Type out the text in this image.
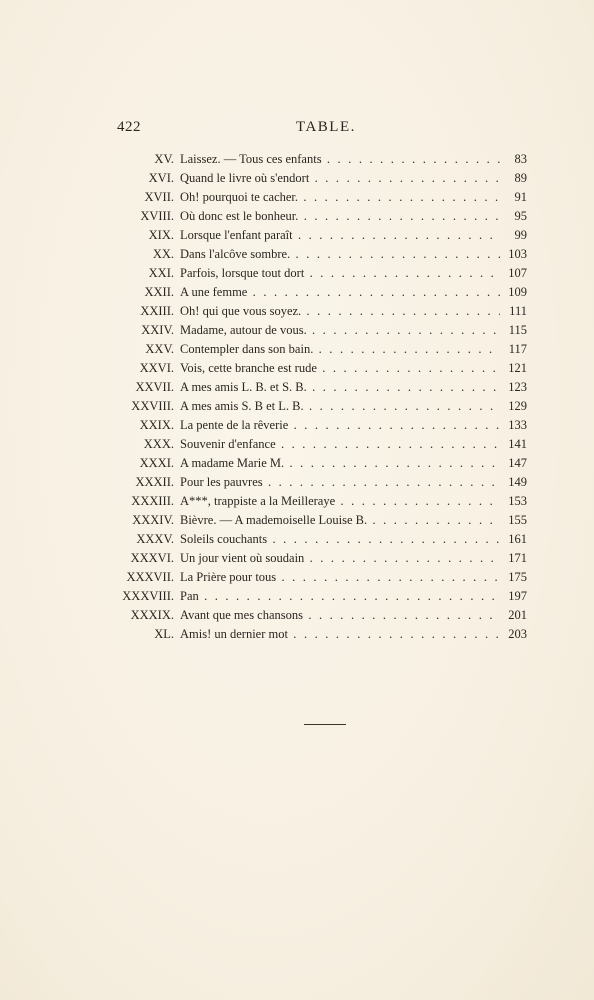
422	TABLE.
XV. Laissez. — Tous ces enfants . . .	83
XVI. Quand le livre où s'endort . . .	89
XVII. Oh! pourquoi te cacher. . . .	91
XVIII. Où donc est le bonheur. . . .	95
XIX. Lorsque l'enfant paraît . . .	99
XX. Dans l'alcôve sombre. . . .	103
XXI. Parfois, lorsque tout dort . . .	107
XXII. A une femme . . .	109
XXIII. Oh! qui que vous soyez. . . .	111
XXIV. Madame, autour de vous. . . .	115
XXV. Contempler dans son bain. . . .	117
XXVI. Vois, cette branche est rude . . .	121
XXVII. A mes amis L. B. et S. B. . . .	123
XXVIII. A mes amis S. B et L. B. . . .	129
XXIX. La pente de la rêverie . . .	133
XXX. Souvenir d'enfance . . .	141
XXXI. A madame Marie M. . . .	147
XXXII. Pour les pauvres . . .	149
XXXIII. A***, trappiste a la Meilleraye . . .	153
XXXIV. Bièvre. — A mademoiselle Louise B. . . .	155
XXXV. Soleils couchants . . .	161
XXXVI. Un jour vient où soudain . . .	171
XXXVII. La Prière pour tous . . .	175
XXXVIII. Pan . . .	197
XXXIX. Avant que mes chansons . . .	201
XL. Amis! un dernier mot . . .	203
